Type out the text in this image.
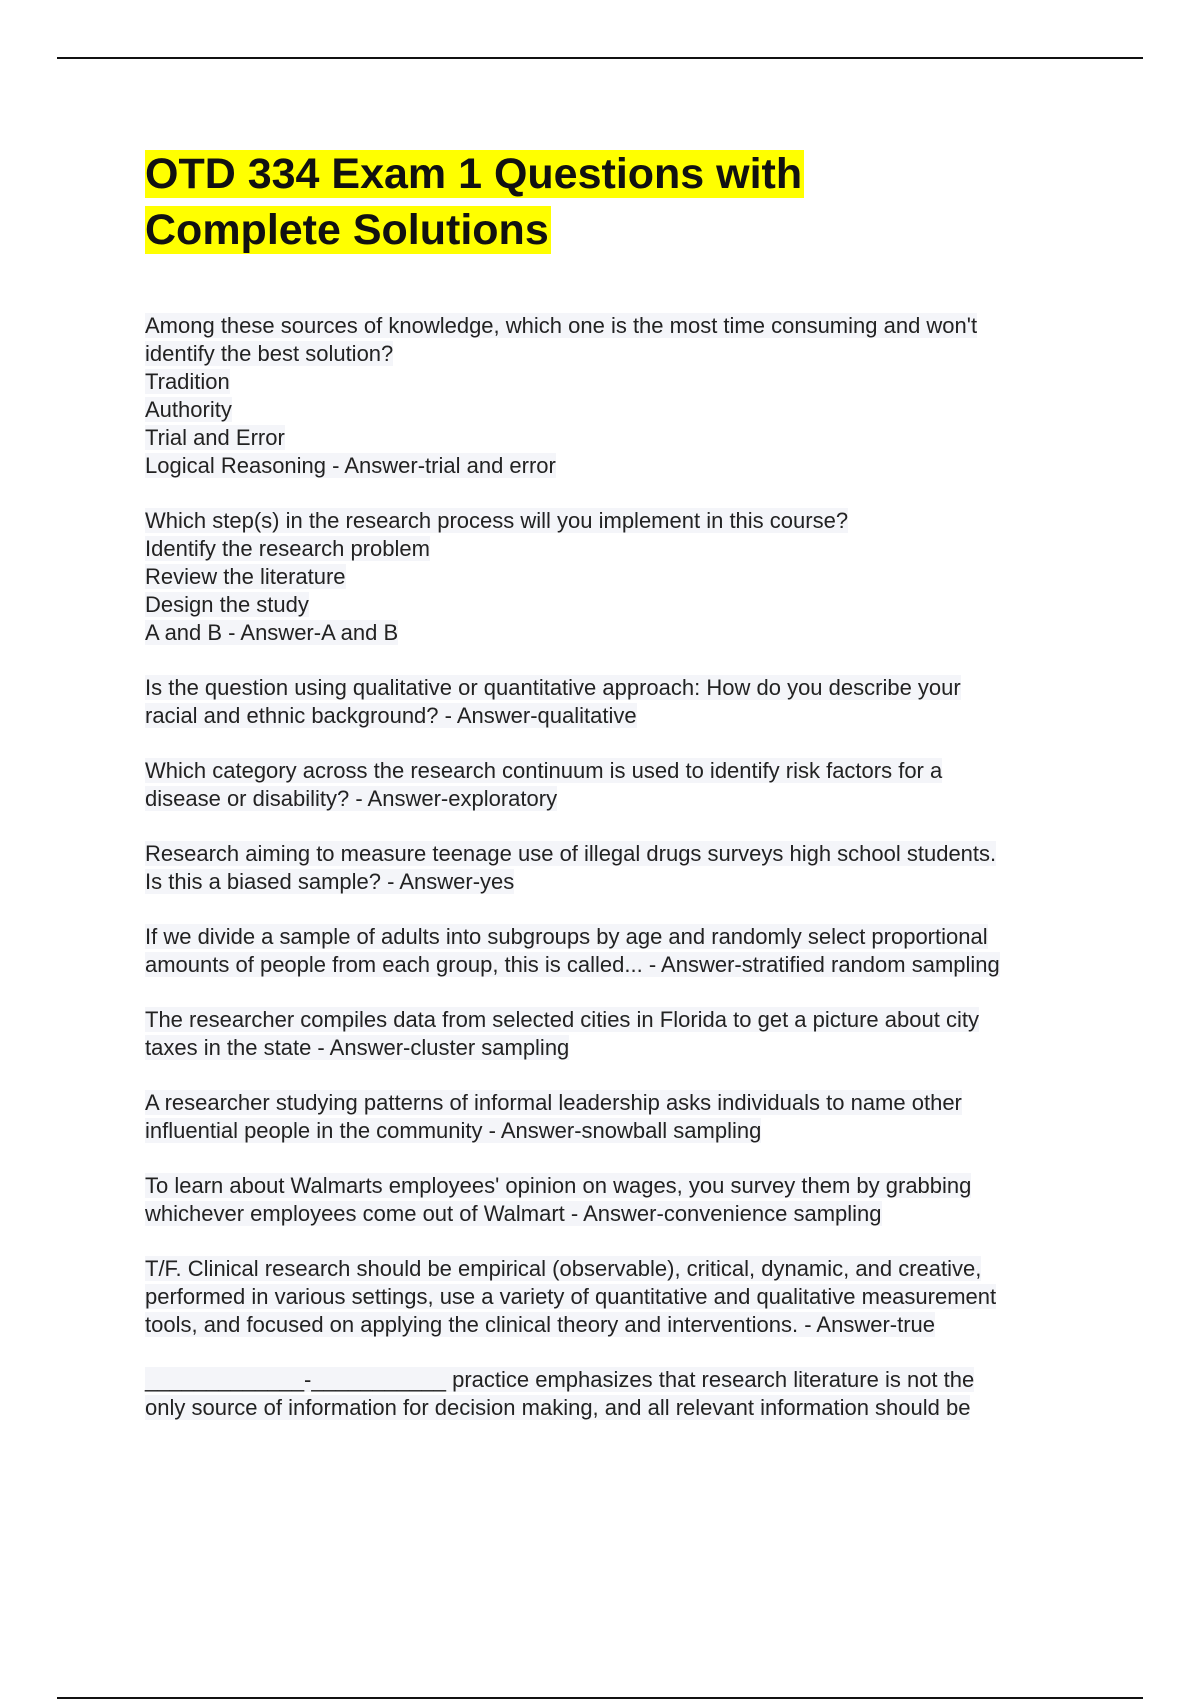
OTD 334 Exam 1 Questions with
Complete Solutions
Among these sources of knowledge, which one is the most time consuming and won't
identify the best solution?
Tradition
Authority
Trial and Error
Logical Reasoning - Answer-trial and error
Which step(s) in the research process will you implement in this course?
Identify the research problem
Review the literature
Design the study
A and B - Answer-A and B
Is the question using qualitative or quantitative approach: How do you describe your
racial and ethnic background? - Answer-qualitative
Which category across the research continuum is used to identify risk factors for a
disease or disability? - Answer-exploratory
Research aiming to measure teenage use of illegal drugs surveys high school students.
Is this a biased sample? - Answer-yes
If we divide a sample of adults into subgroups by age and randomly select proportional
amounts of people from each group, this is called... - Answer-stratified random sampling
The researcher compiles data from selected cities in Florida to get a picture about city
taxes in the state - Answer-cluster sampling
A researcher studying patterns of informal leadership asks individuals to name other
influential people in the community - Answer-snowball sampling
To learn about Walmarts employees' opinion on wages, you survey them by grabbing
whichever employees come out of Walmart - Answer-convenience sampling
T/F. Clinical research should be empirical (observable), critical, dynamic, and creative,
performed in various settings, use a variety of quantitative and qualitative measurement
tools, and focused on applying the clinical theory and interventions. - Answer-true
_____________-___________ practice emphasizes that research literature is not the
only source of information for decision making, and all relevant information should be
